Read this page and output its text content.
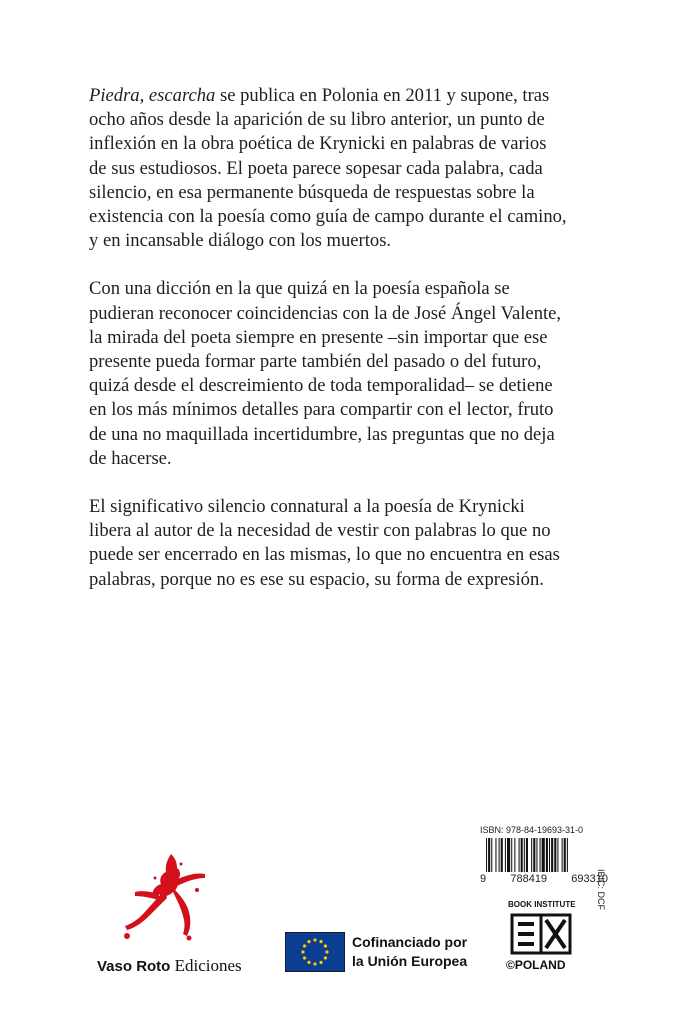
Piedra, escarcha se publica en Polonia en 2011 y supone, tras
ocho años desde la aparición de su libro anterior, un punto de
inflexión en la obra poética de Krynicki en palabras de varios
de sus estudiosos. El poeta parece sopesar cada palabra, cada
silencio, en esa permanente búsqueda de respuestas sobre la
existencia con la poesía como guía de campo durante el camino,
y en incansable diálogo con los muertos.

Con una dicción en la que quizá en la poesía española se
pudieran reconocer coincidencias con la de José Ángel Valente,
la mirada del poeta siempre en presente –sin importar que ese
presente pueda formar parte también del pasado o del futuro,
quizá desde el descreimiento de toda temporalidad– se detiene
en los más mínimos detalles para compartir con el lector, fruto
de una no maquillada incertidumbre, las preguntas que no deja
de hacerse.

El significativo silencio connatural a la poesía de Krynicki
libera al autor de la necesidad de vestir con palabras lo que no
puede ser encerrado en las mismas, lo que no encuentra en esas
palabras, porque no es ese su espacio, su forma de expresión.

ISBN: 978-84-19693-31-0
9 788419 693310
IBIC: DCF
Vaso Roto Ediciones
Cofinanciado por
la Unión Europea
BOOK INSTITUTE
©POLAND
